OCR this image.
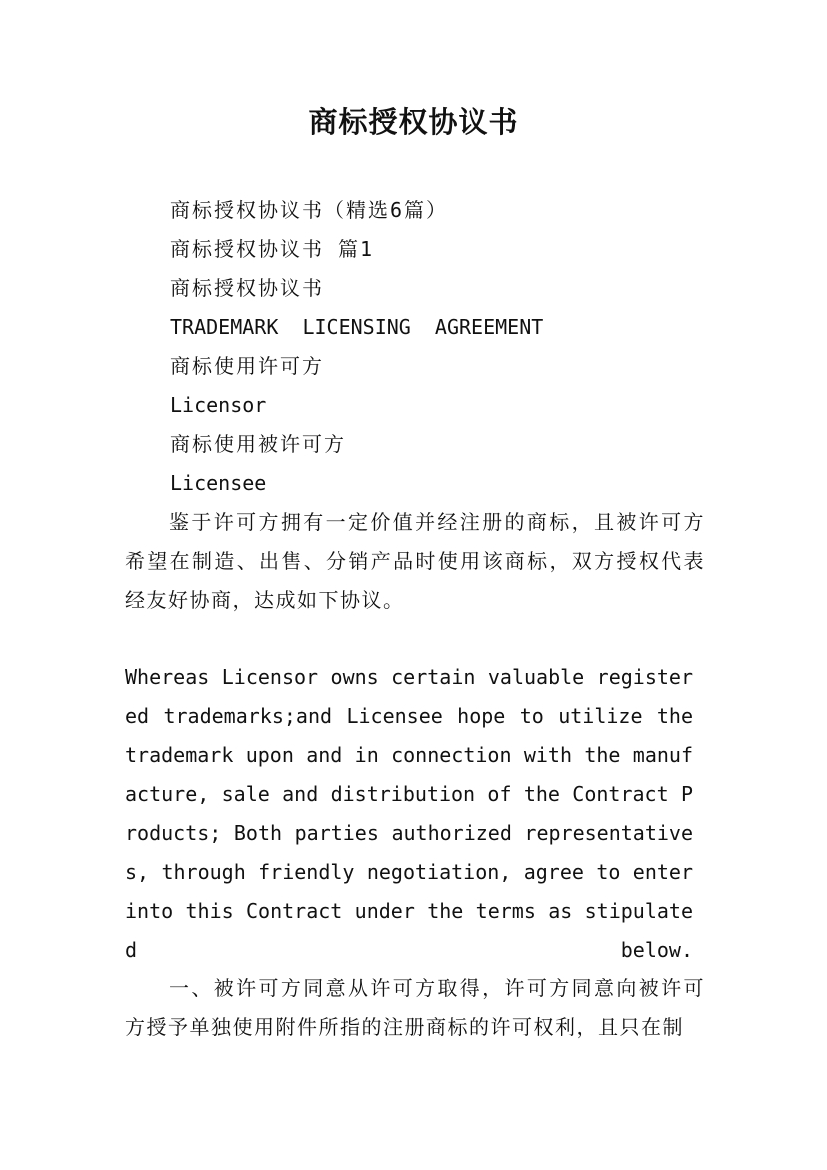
商标授权协议书

商标授权协议书（精选6篇）

商标授权协议书 篇1

商标授权协议书

TRADEMARK  LICENSING  AGREEMENT

商标使用许可方

Licensor

商标使用被许可方

Licensee

鉴于许可方拥有一定价值并经注册的商标，且被许可方希望在制造、出售、分销产品时使用该商标，双方授权代表经友好协商，达成如下协议。

Whereas Licensor owns certain valuable registered trademarks;and Licensee hope to utilize the trademark upon and in connection with the manufacture, sale and distribution of the Contract Products; Both parties authorized representatives, through friendly negotiation, agree to enter into this Contract under the terms as stipulated below.

一、被许可方同意从许可方取得，许可方同意向被许可方授予单独使用附件所指的注册商标的许可权利，且只在制
